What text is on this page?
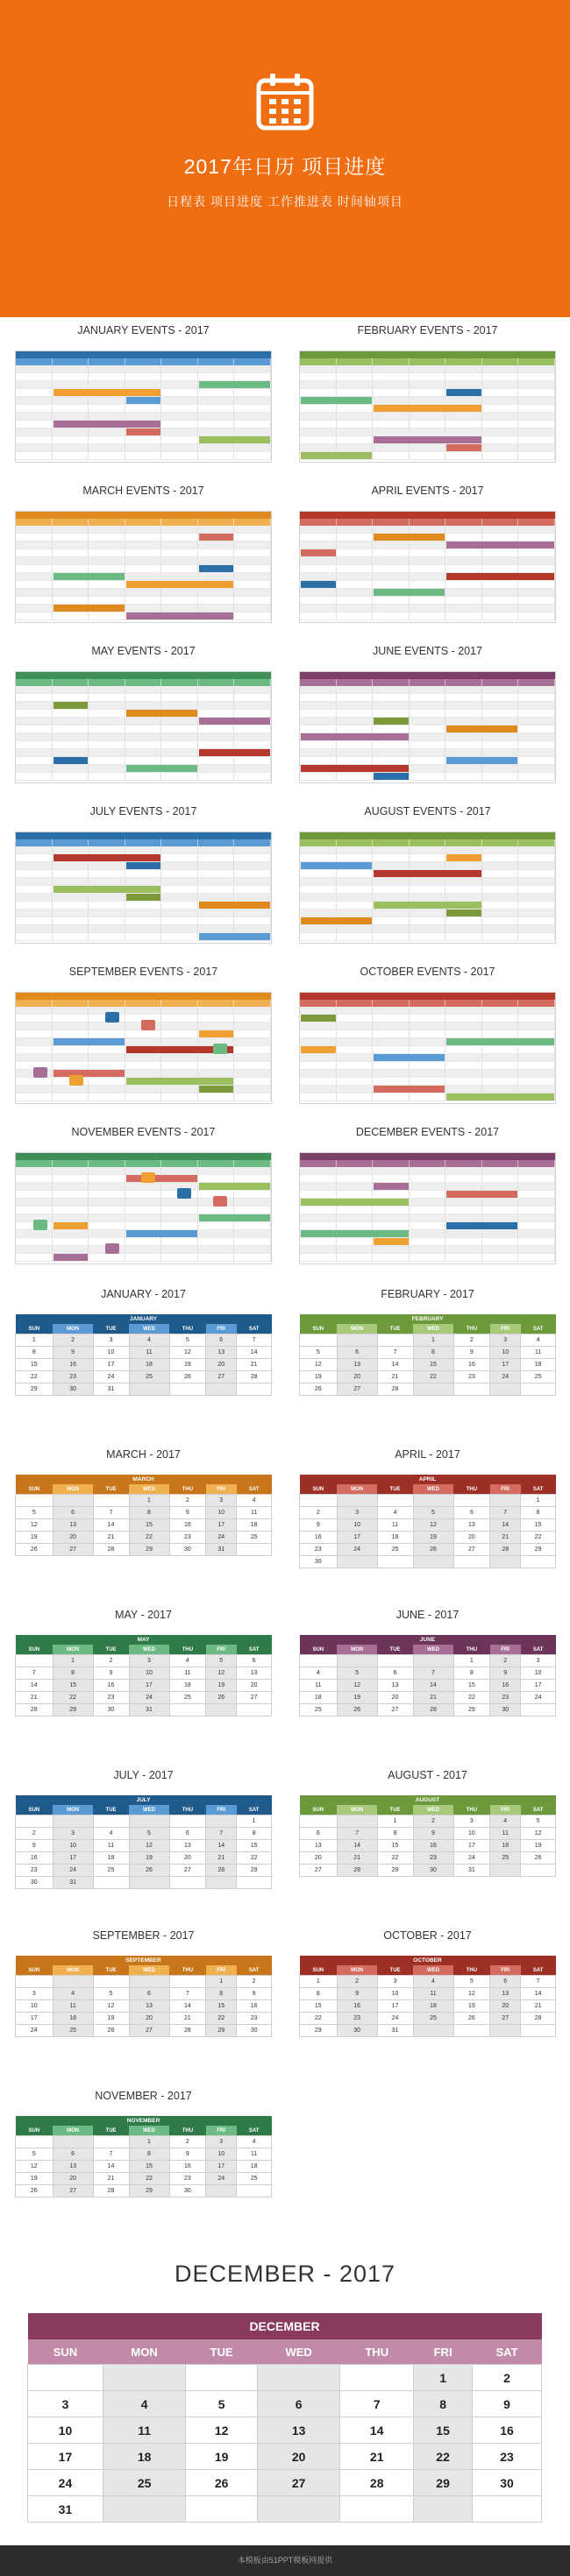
2017年日历 项目进度
日程表 项目进度 工作推进表 时间轴项目
JANUARY EVENTS - 2017	FEBRUARY EVENTS - 2017
MARCH EVENTS - 2017	APRIL EVENTS - 2017
MAY EVENTS - 2017	JUNE EVENTS - 2017
JULY EVENTS - 2017	AUGUST EVENTS - 2017
SEPTEMBER EVENTS - 2017	OCTOBER EVENTS - 2017
NOVEMBER EVENTS - 2017	DECEMBER EVENTS - 2017
JANUARY - 2017
JANUARY						
SUN	MON	TUE	WED	THU	FRI	SAT
1	2	3	4	5	6	7
8	9	10	11	12	13	14
15	16	17	18	19	20	21
22	23	24	25	26	27	28
29	30	31				
FEBRUARY - 2017
FEBRUARY						
SUN	MON	TUE	WED	THU	FRI	SAT
			1	2	3	4
5	6	7	8	9	10	11
12	13	14	15	16	17	18
19	20	21	22	23	24	25
26	27	28				
MARCH - 2017
MARCH						
SUN	MON	TUE	WED	THU	FRI	SAT
			1	2	3	4
5	6	7	8	9	10	11
12	13	14	15	16	17	18
19	20	21	22	23	24	25
26	27	28	29	30	31	
APRIL - 2017
APRIL						
SUN	MON	TUE	WED	THU	FRI	SAT
						1
2	3	4	5	6	7	8
9	10	11	12	13	14	15
16	17	18	19	20	21	22
23	24	25	26	27	28	29
30						
MAY - 2017
MAY						
SUN	MON	TUE	WED	THU	FRI	SAT
	1	2	3	4	5	6
7	8	9	10	11	12	13
14	15	16	17	18	19	20
21	22	23	24	25	26	27
28	29	30	31			
JUNE - 2017
JUNE						
SUN	MON	TUE	WED	THU	FRI	SAT
				1	2	3
4	5	6	7	8	9	10
11	12	13	14	15	16	17
18	19	20	21	22	23	24
25	26	27	28	29	30	
JULY - 2017
JULY						
SUN	MON	TUE	WED	THU	FRI	SAT
						1
2	3	4	5	6	7	8
9	10	11	12	13	14	15
16	17	18	19	20	21	22
23	24	25	26	27	28	29
30	31					
AUGUST - 2017
AUGUST						
SUN	MON	TUE	WED	THU	FRI	SAT
		1	2	3	4	5
6	7	8	9	10	11	12
13	14	15	16	17	18	19
20	21	22	23	24	25	26
27	28	29	30	31		
SEPTEMBER - 2017
SEPTEMBER						
SUN	MON	TUE	WED	THU	FRI	SAT
					1	2
3	4	5	6	7	8	9
10	11	12	13	14	15	16
17	18	19	20	21	22	23
24	25	26	27	28	29	30
OCTOBER - 2017
OCTOBER						
SUN	MON	TUE	WED	THU	FRI	SAT
1	2	3	4	5	6	7
8	9	10	11	12	13	14
15	16	17	18	19	20	21
22	23	24	25	26	27	28
29	30	31				
NOVEMBER - 2017
NOVEMBER						
SUN	MON	TUE	WED	THU	FRI	SAT
			1	2	3	4
5	6	7	8	9	10	11
12	13	14	15	16	17	18
19	20	21	22	23	24	25
26	27	28	29	30		
DECEMBER - 2017
DECEMBER						
SUN	MON	TUE	WED	THU	FRI	SAT
					1	2
3	4	5	6	7	8	9
10	11	12	13	14	15	16
17	18	19	20	21	22	23
24	25	26	27	28	29	30
31						
本模板由51PPT模板网提供
